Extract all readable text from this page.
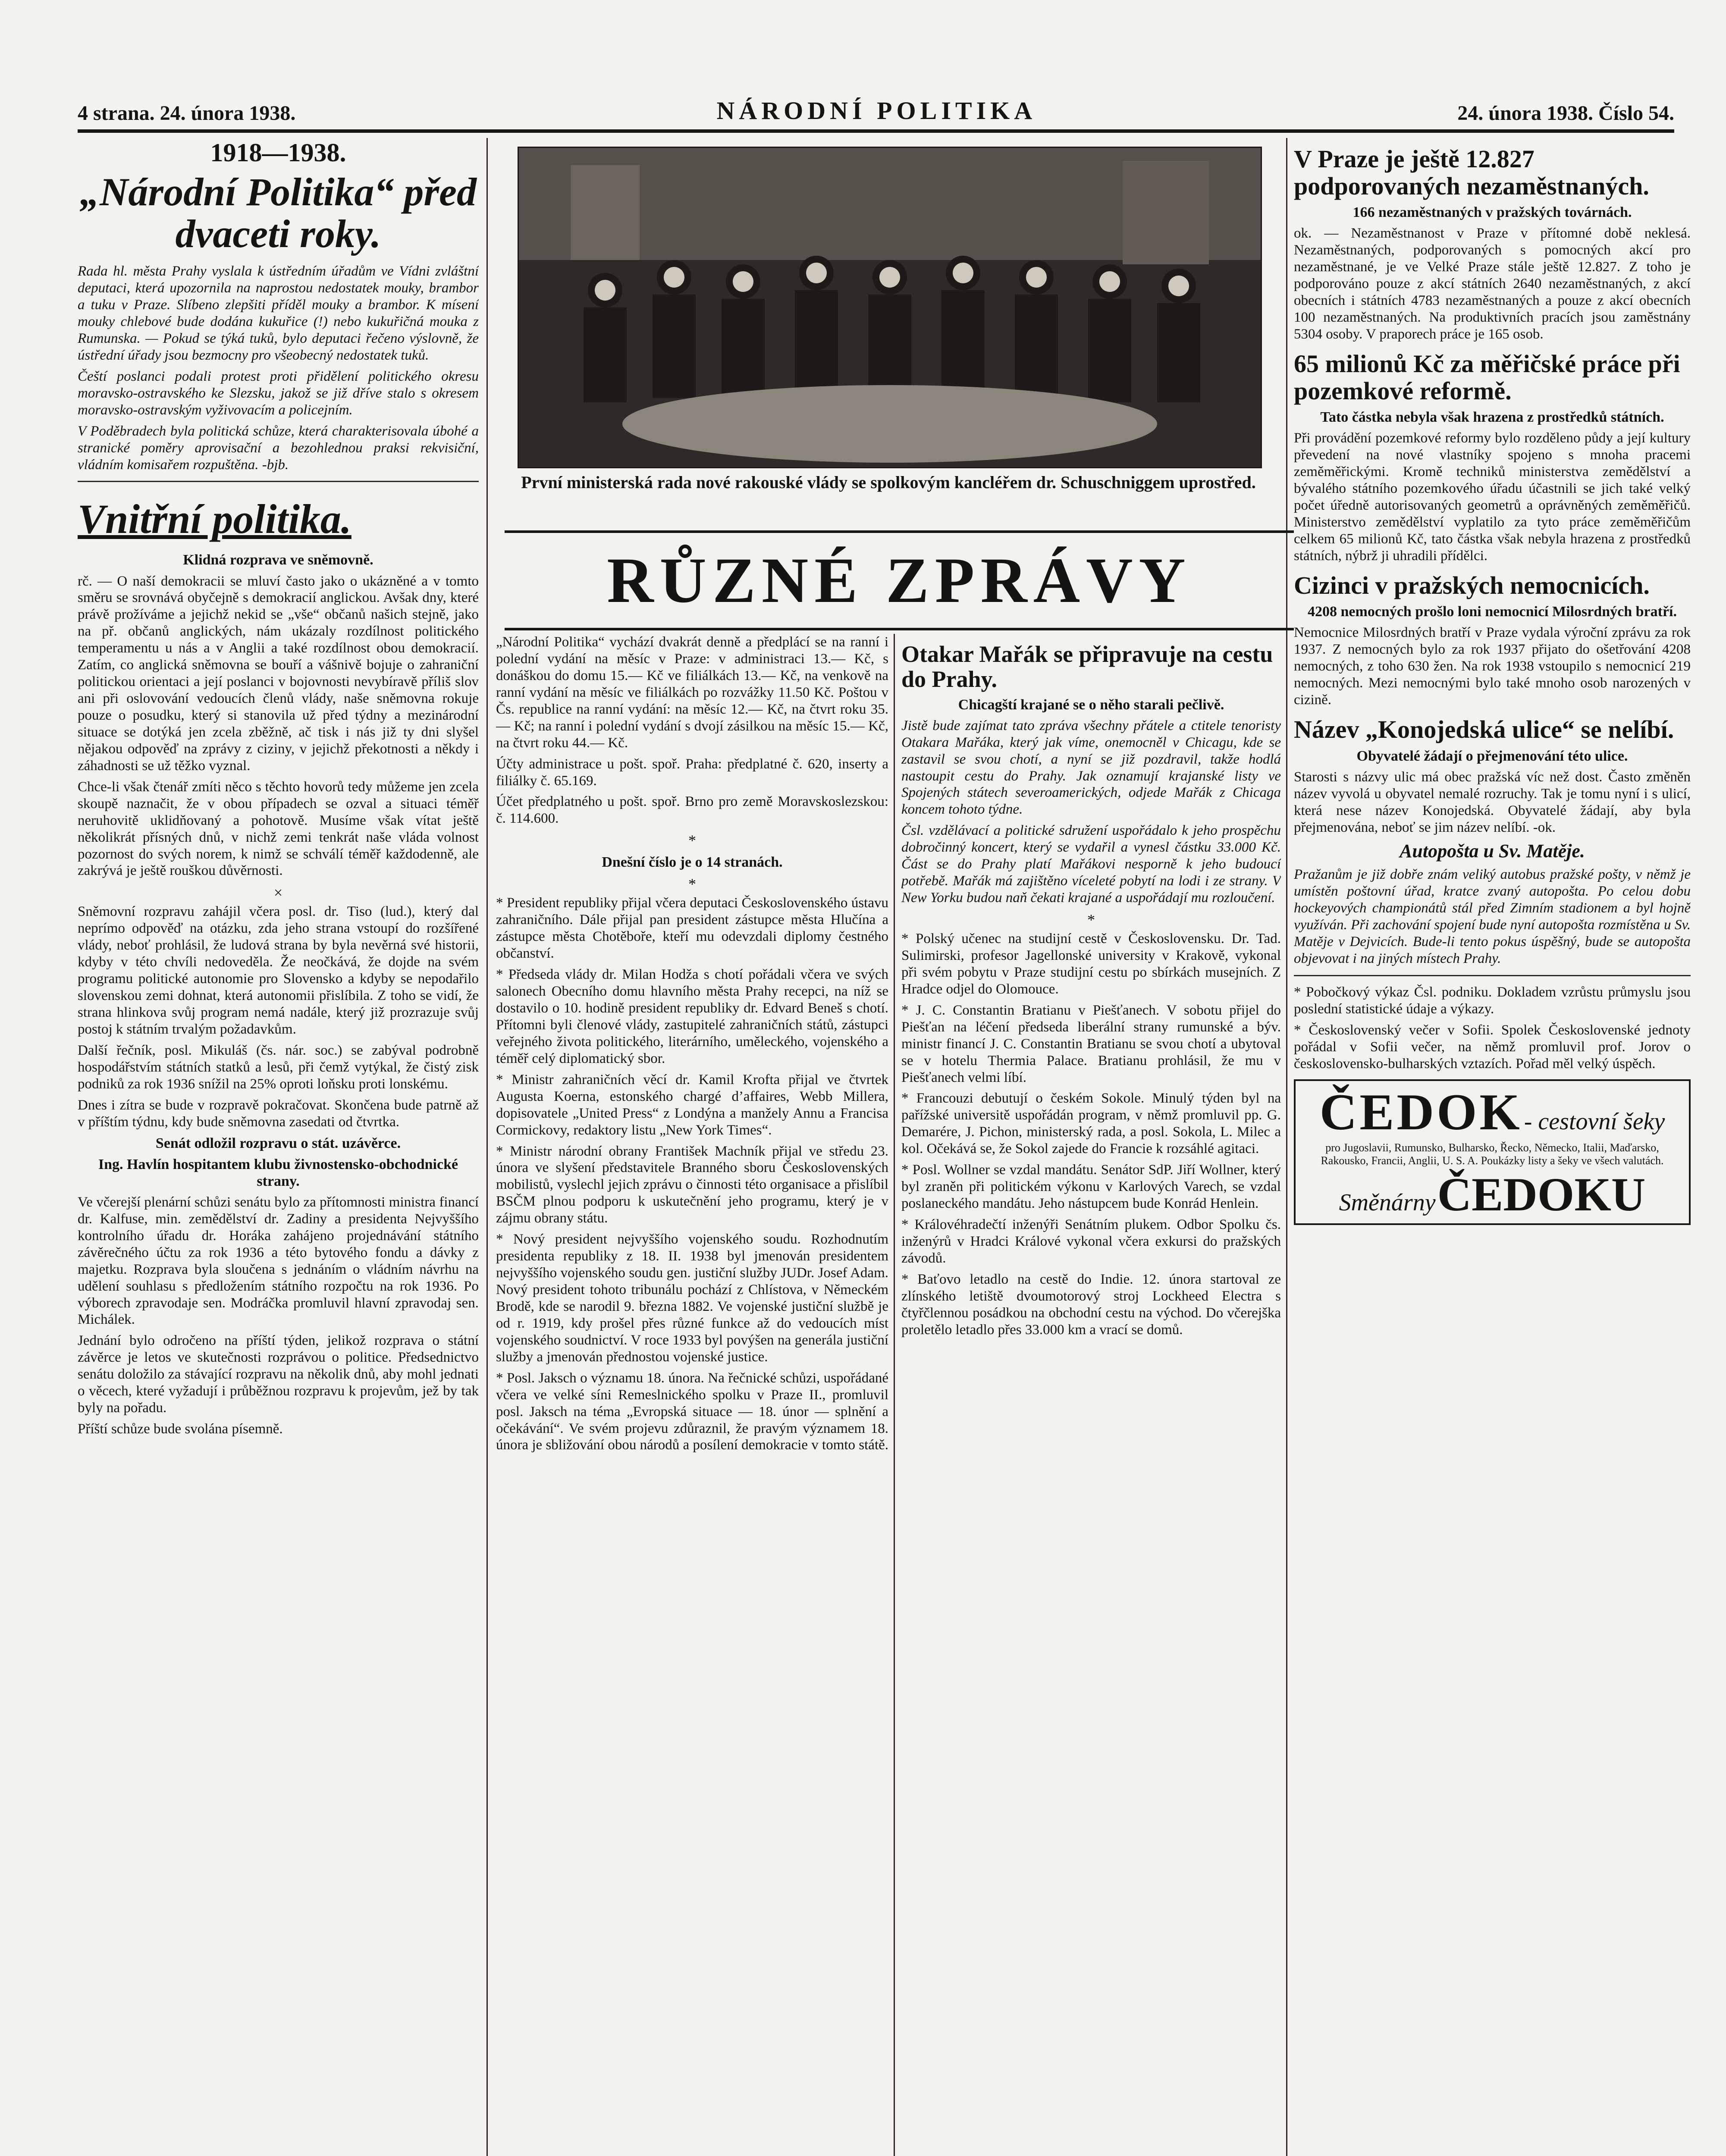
4 strana. 24. února 1938.	NÁRODNÍ POLITIKA	24. února 1938. Číslo 54.
1918—1938.
„Národní Politika“ před dvaceti roky.

Rada hl. města Prahy vyslala k ústředním úřadům ve Vídni zvláštní deputaci, která upozornila na naprostou nedostatek mouky, brambor a tuku v Praze. Slíbeno zlepšiti příděl mouky a brambor. K mísení mouky chlebové bude dodána kukuřice (!) nebo kukuřičná mouka z Rumunska. — Pokud se týká tuků, bylo deputaci řečeno výslovně, že ústřední úřady jsou bezmocny pro všeobecný nedostatek tuků.

Čeští poslanci podali protest proti přidělení politického okresu moravsko-ostravského ke Slezsku, jakož se již dříve stalo s okresem moravsko-ostravským vyživovacím a policejním.

V Poděbradech byla politická schůze, která charakterisovala úbohé a stranické poměry aprovisační a bezohlednou praksi rekvisiční, vládním komisařem rozpuštěna. -bjb.

Vnitřní politika.
Klidná rozprava ve sněmovně.

rč. — O naší demokracii se mluví často jako o ukázněné a v tomto směru se srovnává obyčejně s demokracií anglickou. Avšak dny, které právě prožíváme a jejichž nekid se „vše“ občanů našich stejně, jako na př. občanů anglických, nám ukázaly rozdílnost politického temperamentu u nás a v Anglii a také rozdílnost obou demokracií. Zatím, co anglická sněmovna se bouří a vášnivě bojuje o zahraniční politickou orientaci a její poslanci v bojovnosti nevybíravě příliš slov ani při oslovování vedoucích členů vlády, naše sněmovna rokuje pouze o posudku, který si stanovila už před týdny a mezinárodní situace se dotýká jen zcela zběžně, ač tisk i nás již ty dni slyšel nějakou odpověď na zprávy z ciziny, v jejichž překotnosti a někdy i záhadnosti se už těžko vyznal.

Chce-li však čtenář zmíti něco s těchto hovorů tedy můžeme jen zcela skoupě naznačit, že v obou případech se ozval a situaci téměř neruhovitě uklidňovaný a pohotově. Musíme však vítat ještě několikrát přísných dnů, v nichž zemi tenkrát naše vláda volnost pozornost do svých norem, k nimž se schválí téměř každodenně, ale zakrývá je ještě rouškou důvěrnosti.

×

Sněmovní rozpravu zahájil včera posl. dr. Tiso (lud.), který dal neprímo odpověď na otázku, zda jeho strana vstoupí do rozšířené vlády, neboť prohlásil, že ludová strana by byla nevěrná své historii, kdyby v této chvíli nedoveděla. Že neočkává, že dojde na svém programu politické autonomie pro Slovensko a kdyby se nepodařilo slovenskou zemi dohnat, která autonomii přislíbila. Z toho se vidí, že strana hlinkova svůj program nemá nadále, který již prozrazuje svůj postoj k státním trvalým požadavkům.

Další řečník, posl. Mikuláš (čs. nár. soc.) se zabýval podrobně hospodářstvím státních statků a lesů, při čemž vytýkal, že čistý zisk podniků za rok 1936 snížil na 25% oproti loňsku proti lonskému.

Dnes i zítra se bude v rozpravě pokračovat. Skončena bude patrně až v příštím týdnu, kdy bude sněmovna zasedati od čtvrtka.

Senát odložil rozpravu o stát. uzávěrce.
Ing. Havlín hospitantem klubu živnostensko-obchodnické strany.

Ve včerejší plenární schůzi senátu bylo za přítomnosti ministra financí dr. Kalfuse, min. zemědělství dr. Zadiny a presidenta Nejvyššího kontrolního úřadu dr. Horáka zahájeno projednávání státního závěrečného účtu za rok 1936 a této bytového fondu a dávky z majetku. Rozprava byla sloučena s jednáním o vládním návrhu na udělení souhlasu s předložením státního rozpočtu na rok 1936. Po výborech zpravodaje sen. Modráčka promluvil hlavní zpravodaj sen. Michálek.

Jednání bylo odročeno na příští týden, jelikož rozprava o státní závěrce je letos ve skutečnosti rozprávou o politice. Předsednictvo senátu doložilo za stávající rozpravu na několik dnů, aby mohl jednati o věcech, které vyžadují i průběžnou rozpravu k projevům, jež by tak byly na pořadu.

Příští schůze bude svolána písemně.

První ministerská rada nové rakouské vlády se spolkovým kancléřem dr. Schuschniggem uprostřed.
RŮZNÉ ZPRÁVY

„Národní Politika“ vychází dvakrát denně a předplácí se na ranní i polední vydání na měsíc v Praze: v administraci 13.— Kč, s donáškou do domu 15.— Kč ve filiálkách 13.— Kč, na venkově na ranní vydání na měsíc ve filiálkách po rozvážky 11.50 Kč. Poštou v Čs. republice na ranní vydání: na měsíc 12.— Kč, na čtvrt roku 35.— Kč; na ranní i polední vydání s dvojí zásilkou na měsíc 15.— Kč, na čtvrt roku 44.— Kč.

Účty administrace u pošt. spoř. Praha: předplatné č. 620, inserty a filiálky č. 65.169.

Účet předplatného u pošt. spoř. Brno pro země Moravskoslezskou: č. 114.600.

*
Dnešní číslo je o 14 stranách.
*

* President republiky přijal včera deputaci Československého ústavu zahraničního. Dále přijal pan president zástupce města Hlučína a zástupce města Chotěboře, kteří mu odevzdali diplomy čestného občanství.

* Předseda vlády dr. Milan Hodža s chotí pořádali včera ve svých salonech Obecního domu hlavního města Prahy recepci, na níž se dostavilo o 10. hodině president republiky dr. Edvard Beneš s chotí. Přítomni byli členové vlády, zastupitelé zahraničních států, zástupci veřejného života politického, literárního, uměleckého, vojenského a téměř celý diplomatický sbor.

* Ministr zahraničních věcí dr. Kamil Krofta přijal ve čtvrtek Augusta Koerna, estonského chargé d’affaires, Webb Millera, dopisovatele „United Press“ z Londýna a manžely Annu a Francisa Cormickovy, redaktory listu „New York Times“.

* Ministr národní obrany František Machník přijal ve středu 23. února ve slyšení představitele Branného sboru Československých mobilistů, vyslechl jejich zprávu o činnosti této organisace a přislíbil BSČM plnou podporu k uskutečnění jeho programu, který je v zájmu obrany státu.

* Nový president nejvyššího vojenského soudu. Rozhodnutím presidenta republiky z 18. II. 1938 byl jmenován presidentem nejvyššího vojenského soudu gen. justiční služby JUDr. Josef Adam. Nový president tohoto tribunálu pochází z Chlístova, v Německém Brodě, kde se narodil 9. března 1882. Ve vojenské justiční službě je od r. 1919, kdy prošel přes různé funkce až do vedoucích míst vojenského soudnictví. V roce 1933 byl povýšen na generála justiční služby a jmenován přednostou vojenské justice.

* Posl. Jaksch o významu 18. února. Na řečnické schůzi, uspořádané včera ve velké síni Remeslnického spolku v Praze II., promluvil posl. Jaksch na téma „Evropská situace — 18. únor — splnění a očekávání“. Ve svém projevu zdůraznil, že pravým významem 18. února je sbližování obou národů a posílení demokracie v tomto státě.

Otakar Mařák se připravuje na cestu do Prahy.
Chicagští krajané se o něho starali pečlivě.

Jistě bude zajímat tato zpráva všechny přátele a ctitele tenoristy Otakara Mařáka, který jak víme, onemocněl v Chicagu, kde se zastavil se svou chotí, a nyní se již pozdravil, takže hodlá nastoupit cestu do Prahy. Jak oznamují krajanské listy ve Spojených státech severoamerických, odjede Mařák z Chicaga koncem tohoto týdne.

Čsl. vzdělávací a politické sdružení uspořádalo k jeho prospěchu dobročinný koncert, který se vydařil a vynesl částku 33.000 Kč. Část se do Prahy platí Mařákovi nesporně k jeho budoucí potřebě. Mařák má zajištěno víceleté pobytí na lodi i ze strany. V New Yorku budou naň čekati krajané a uspořádají mu rozloučení.

*

* Polský učenec na studijní cestě v Československu. Dr. Tad. Sulimirski, profesor Jagellonské university v Krakově, vykonal při svém pobytu v Praze studijní cestu po sbírkách musejních. Z Hradce odjel do Olomouce.

* J. C. Constantin Bratianu v Piešťanech. V sobotu přijel do Piešťan na léčení předseda liberální strany rumunské a býv. ministr financí J. C. Constantin Bratianu se svou chotí a ubytoval se v hotelu Thermia Palace. Bratianu prohlásil, že mu v Piešťanech velmi líbí.

* Francouzi debutují o českém Sokole. Minulý týden byl na pařížské universitě uspořádán program, v němž promluvil pp. G. Demarére, J. Pichon, ministerský rada, a posl. Sokola, L. Milec a kol. Očekává se, že Sokol zajede do Francie k rozsáhlé agitaci.

* Posl. Wollner se vzdal mandátu. Senátor SdP. Jiří Wollner, který byl zraněn při politickém výkonu v Karlových Varech, se vzdal poslaneckého mandátu. Jeho nástupcem bude Konrád Henlein.

* Královéhradečtí inženýři Senátním plukem. Odbor Spolku čs. inženýrů v Hradci Králové vykonal včera exkursi do pražských závodů.

* Baťovo letadlo na cestě do Indie. 12. února startoval ze zlínského letiště dvoumotorový stroj Lockheed Electra s čtyřčlennou posádkou na obchodní cestu na východ. Do včerejška proletělo letadlo přes 33.000 km a vrací se domů.

V Praze je ještě 12.827 podporovaných nezaměstnaných.
166 nezaměstnaných v pražských továrnách.

ok. — Nezaměstnanost v Praze v přítomné době neklesá. Nezaměstnaných, podporovaných s pomocných akcí pro nezaměstnané, je ve Velké Praze stále ještě 12.827. Z toho je podporováno pouze z akcí státních 2640 nezaměstnaných, z akcí obecních i státních 4783 nezaměstnaných a pouze z akcí obecních 100 nezaměstnaných. Na produktivních pracích jsou zaměstnány 5304 osoby. V praporech práce je 165 osob.

65 milionů Kč za měřičské práce při pozemkové reformě.
Tato částka nebyla však hrazena z prostředků státních.

Při provádění pozemkové reformy bylo rozděleno půdy a její kultury převedení na nové vlastníky spojeno s mnoha pracemi zeměměřickými. Kromě techniků ministerstva zemědělství a bývalého státního pozemkového úřadu účastnili se jich také velký počet úředně autorisovaných geometrů a oprávněných zeměměřičů. Ministerstvo zemědělství vyplatilo za tyto práce zeměměřičům celkem 65 milionů Kč, tato částka však nebyla hrazena z prostředků státních, nýbrž ji uhradili přídělci.

Cizinci v pražských nemocnicích.
4208 nemocných prošlo loni nemocnicí Milosrdných bratří.

Nemocnice Milosrdných bratří v Praze vydala výroční zprávu za rok 1937. Z nemocných bylo za rok 1937 přijato do ošetřování 4208 nemocných, z toho 630 žen. Na rok 1938 vstoupilo s nemocnicí 219 nemocných. Mezi nemocnými bylo také mnoho osob narozených v cizině.

Název „Konojedská ulice“ se nelíbí.
Obyvatelé žádají o přejmenování této ulice.

Starosti s názvy ulic má obec pražská víc než dost. Často změněn název vyvolá u obyvatel nemalé rozruchy. Tak je tomu nyní i s ulicí, která nese název Konojedská. Obyvatelé žádají, aby byla přejmenována, neboť se jim název nelíbí. -ok.

Autopošta u Sv. Matěje.

Pražanům je již dobře znám veliký autobus pražské pošty, v němž je umístěn poštovní úřad, kratce zvaný autopošta. Po celou dobu hockeyových championátů stál před Zimním stadionem a byl hojně využíván. Při zachování spojení bude nyní autopošta rozmístěna u Sv. Matěje v Dejvicích. Bude-li tento pokus úspěšný, bude se autopošta objevovat i na jiných místech Prahy.

* Pobočkový výkaz Čsl. podniku. Dokladem vzrůstu průmyslu jsou poslední statistické údaje a výkazy.

* Československý večer v Sofii. Spolek Československé jednoty pořádal v Sofii večer, na němž promluvil prof. Jorov o československo-bulharských vztazích. Pořad měl velký úspěch.

ČEDOK - cestovní šeky
pro Jugoslavii, Rumunsko, Bulharsko, Řecko, Německo, Italii, Maďarsko, Rakousko, Francii, Anglii, U. S. A. Poukázky listy a šeky ve všech valutách.
Směnárny ČEDOKU
